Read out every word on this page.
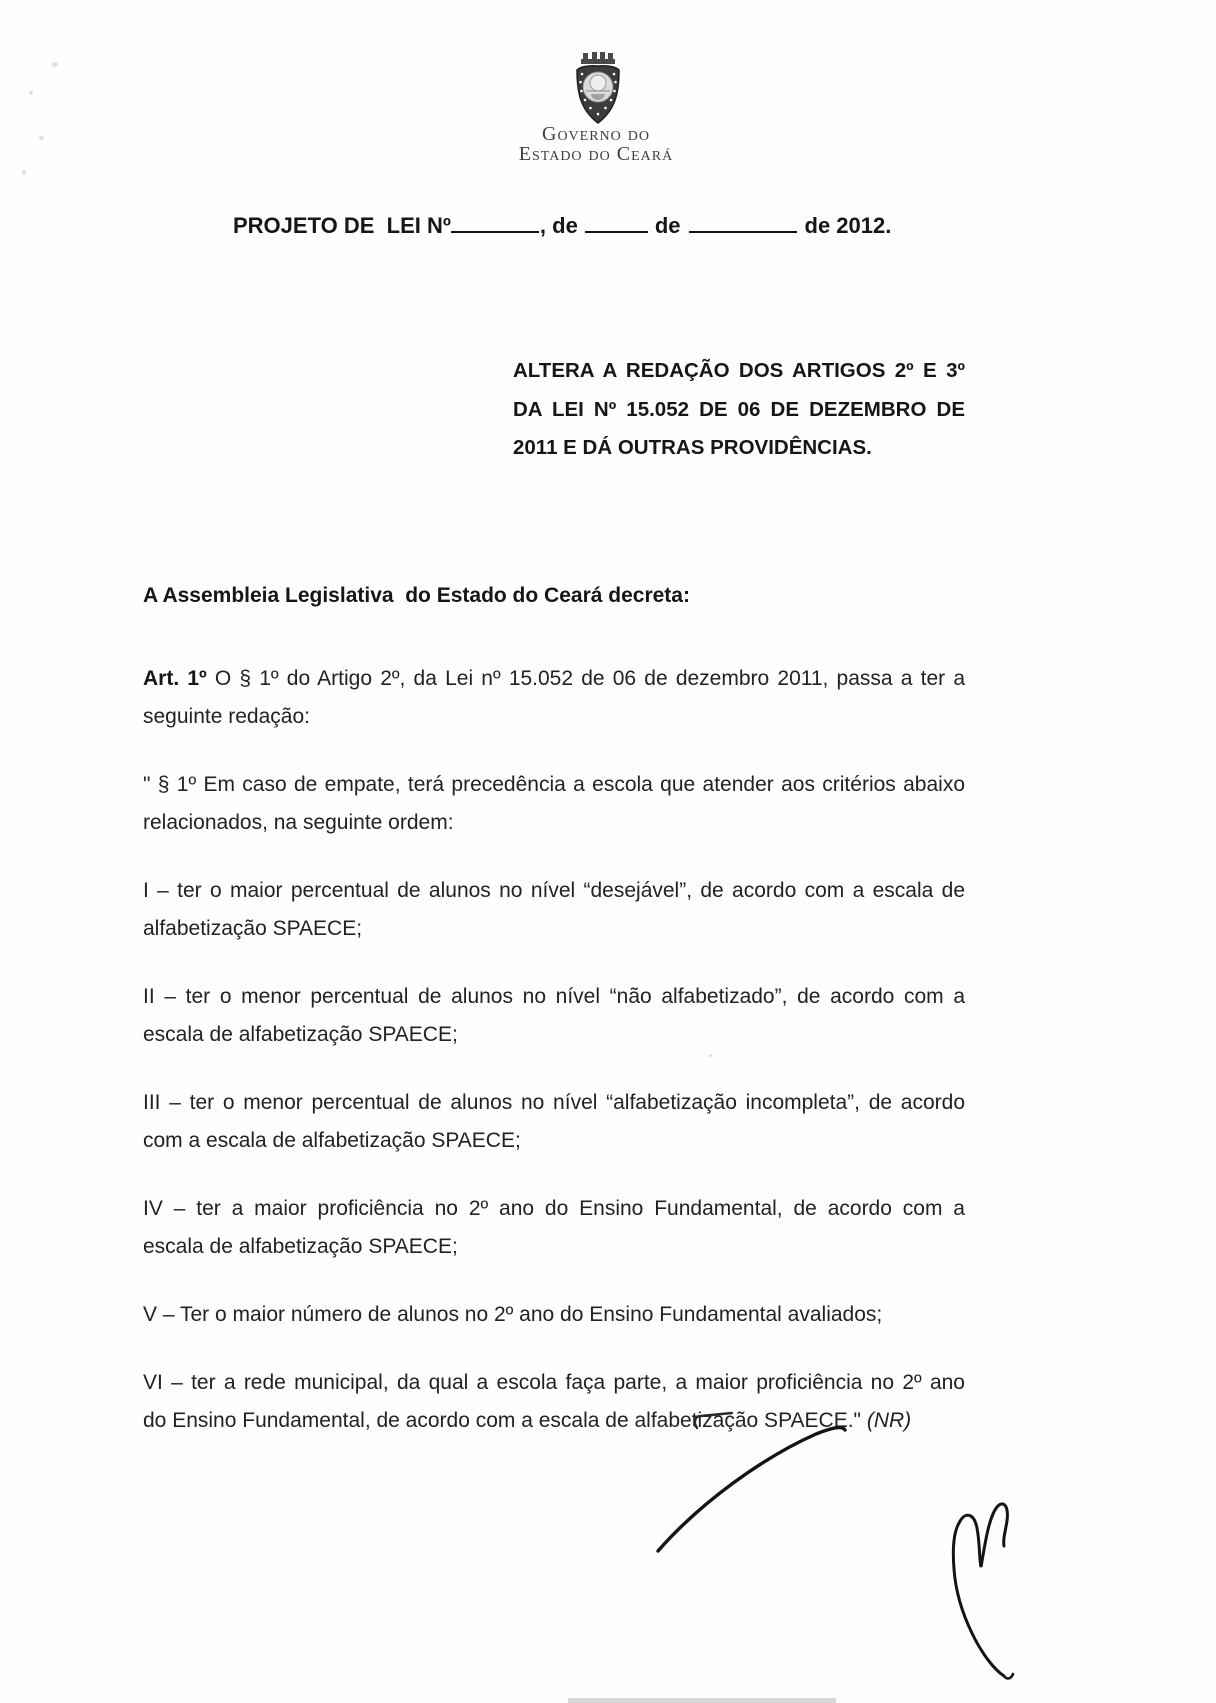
Governo do
Estado do Ceará
PROJETO DE  LEI Nº	, de	de	de 2012.
ALTERA A REDAÇÃO DOS ARTIGOS 2º E 3º
DA LEI Nº 15.052 DE 06 DE DEZEMBRO DE
2011 E DÁ OUTRAS PROVIDÊNCIAS.
A Assembleia Legislativa  do Estado do Ceará decreta:
Art. 1º O § 1º do Artigo 2º, da Lei nº 15.052 de 06 de dezembro 2011, passa a ter a
seguinte redação:
" § 1º Em caso de empate, terá precedência a escola que atender aos critérios abaixo
relacionados, na seguinte ordem:
I – ter o maior percentual de alunos no nível “desejável”, de acordo com a escala de
alfabetização SPAECE;
II – ter o menor percentual de alunos no nível “não alfabetizado”, de acordo com a
escala de alfabetização SPAECE;
III – ter o menor percentual de alunos no nível “alfabetização incompleta”, de acordo
com a escala de alfabetização SPAECE;
IV – ter a maior proficiência no 2º ano do Ensino Fundamental, de acordo com a
escala de alfabetização SPAECE;
V – Ter o maior número de alunos no 2º ano do Ensino Fundamental avaliados;
VI – ter a rede municipal, da qual a escola faça parte, a maior proficiência no 2º ano
do Ensino Fundamental, de acordo com a escala de alfabetização SPAECE." (NR)
